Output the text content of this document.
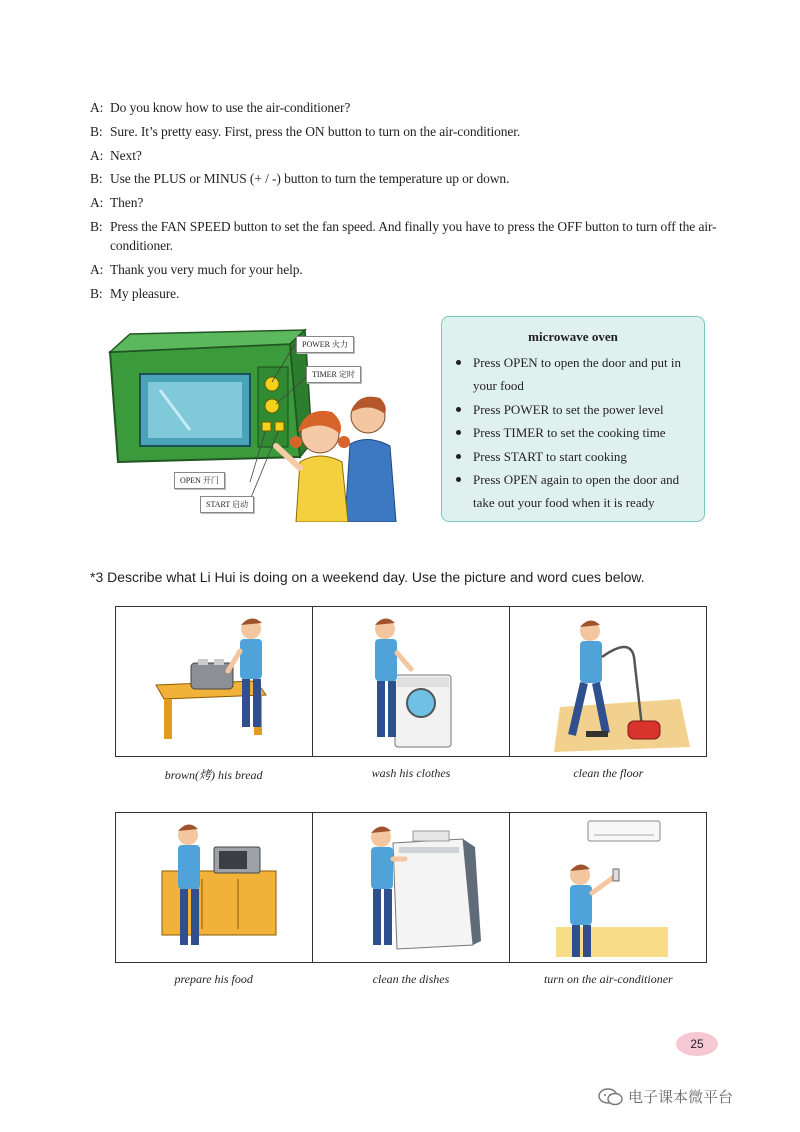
A: Do you know how to use the air-conditioner?
B: Sure. It’s pretty easy. First, press the ON button to turn on the air-conditioner.
A: Next?
B: Use the PLUS or MINUS (+ / -) button to turn the temperature up or down.
A: Then?
B: Press the FAN SPEED button to set the fan speed. And finally you have to press the OFF button to turn off the air-conditioner.
A: Thank you very much for your help.
B: My pleasure.
POWER 火力
TIMER 定时
OPEN 开门
START 启动
microwave oven
Press OPEN to open the door and put in your food
Press POWER to set the power level
Press TIMER to set the cooking time
Press START to start cooking
Press OPEN again to open the door and take out your food when it is ready
*3 Describe what Li Hui is doing on a weekend day. Use the picture and word cues below.
brown(烤) his bread	wash his clothes	clean the floor
prepare his food	clean the dishes	turn on the air-conditioner
25
电子课本微平台
